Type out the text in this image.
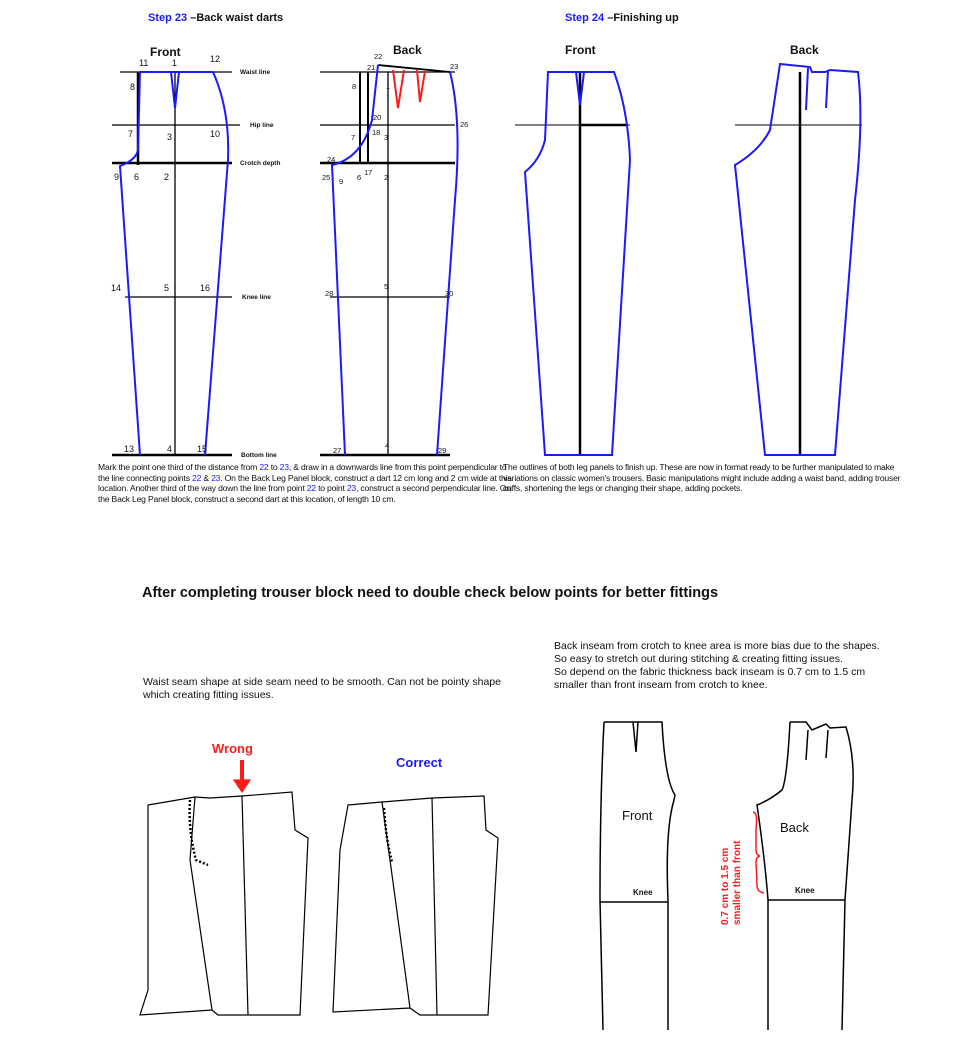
Step 23 –Back waist darts	Step 24 –Finishing up
Front
11	1	12
8
7	3	10
9 6	2
14	5	16
13	4	15
Waist line
Hip line
Crotch depth
Knee line
Bottom line
Back
22
21	23
8	1
20
26
7
18
3
24
25 9 6
17
2
28
5
30
27
4
29
Front	Back
Wrong
Correct
Front
Knee
Back
Knee
0.7 cm to 1.5 cm smaller than front
Mark the point one third of the distance from 22 to 23, & draw in a downwards line from this point perpendicular to the line connecting points 22 & 23. On the Back Leg Panel block, construct a dart 12 cm long and 2 cm wide at this location. Another third of the way down the line from point 22 to point 23, construct a second perpendicular line. On the Back Leg Panel block, construct a second dart at this location, of length 10 cm.
The outlines of both leg panels to finish up. These are now in format ready to be further manipulated to make variations on classic women's trousers. Basic manipulations might include adding a waist band, adding trouser cuffs, shortening the legs or changing their shape, adding pockets.
After completing trouser block need to double check below points for better fittings
Waist seam shape at side seam need to be smooth. Can not be pointy shape which creating fitting issues.
Back inseam from crotch to knee area is more bias due to the shapes. So easy to stretch out during stitching & creating fitting issues.
So depend on the fabric thickness back inseam is 0.7 cm to 1.5 cm smaller than front inseam from crotch to knee.
